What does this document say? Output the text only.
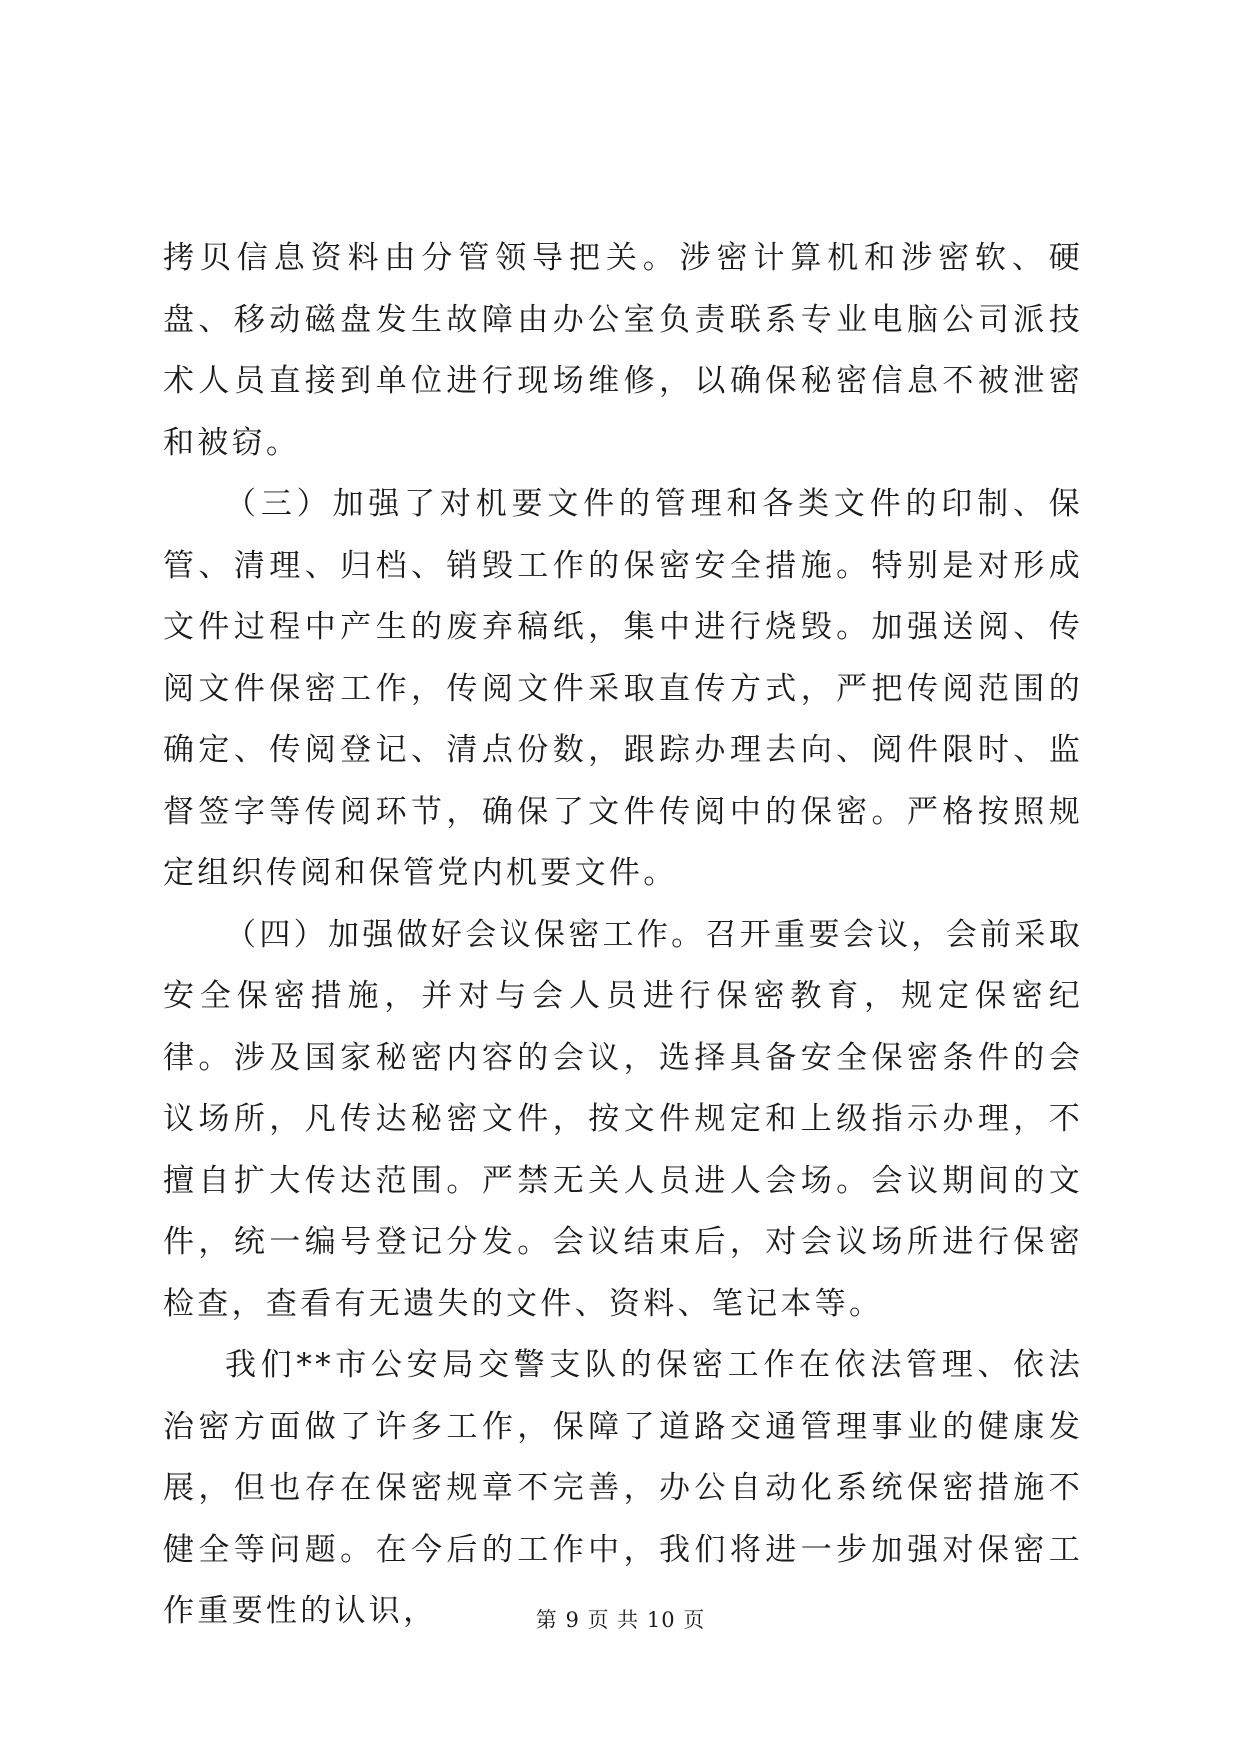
拷贝信息资料由分管领导把关。涉密计算机和涉密软、硬盘、移动磁盘发生故障由办公室负责联系专业电脑公司派技术人员直接到单位进行现场维修，以确保秘密信息不被泄密和被窃。

（三）加强了对机要文件的管理和各类文件的印制、保管、清理、归档、销毁工作的保密安全措施。特别是对形成文件过程中产生的废弃稿纸，集中进行烧毁。加强送阅、传阅文件保密工作，传阅文件采取直传方式，严把传阅范围的确定、传阅登记、清点份数，跟踪办理去向、阅件限时、监督签字等传阅环节，确保了文件传阅中的保密。严格按照规定组织传阅和保管党内机要文件。

（四）加强做好会议保密工作。召开重要会议，会前采取安全保密措施，并对与会人员进行保密教育，规定保密纪律。涉及国家秘密内容的会议，选择具备安全保密条件的会议场所，凡传达秘密文件，按文件规定和上级指示办理，不擅自扩大传达范围。严禁无关人员进人会场。会议期间的文件，统一编号登记分发。会议结束后，对会议场所进行保密检查，查看有无遗失的文件、资料、笔记本等。

我们**市公安局交警支队的保密工作在依法管理、依法治密方面做了许多工作，保障了道路交通管理事业的健康发展，但也存在保密规章不完善，办公自动化系统保密措施不健全等问题。在今后的工作中，我们将进一步加强对保密工作重要性的认识，	第 9 页 共 10 页
